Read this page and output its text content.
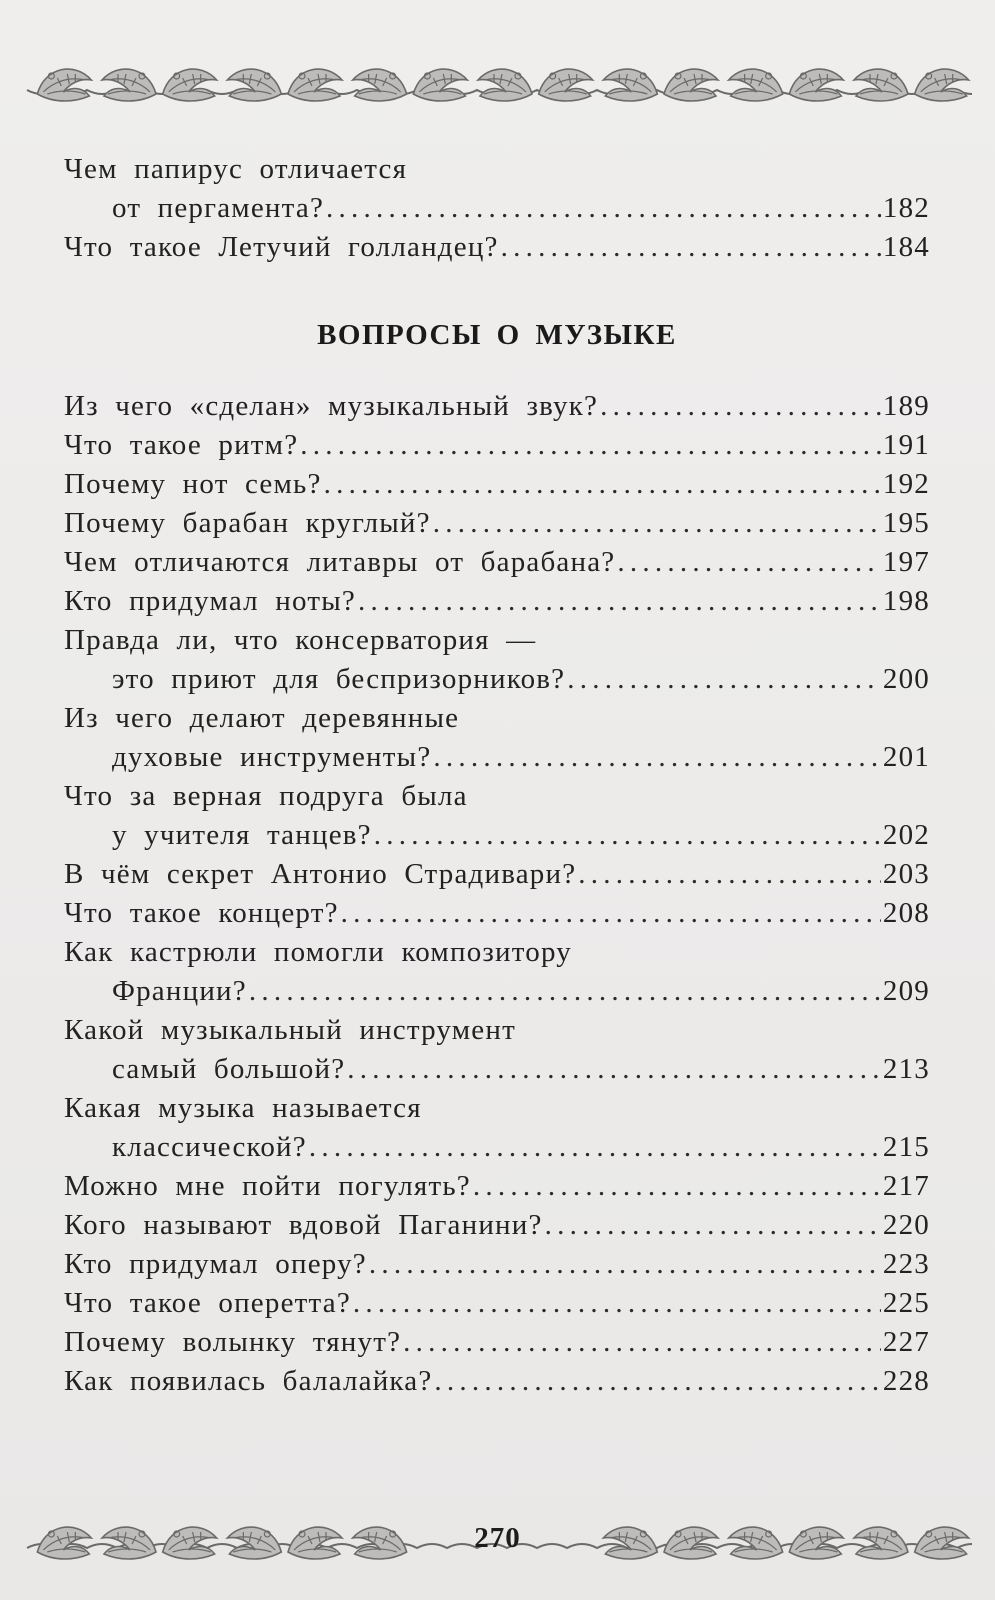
Чем папирус отличается
от пергамента? . . .	182
Что такое Летучий голландец? . . .	184
ВОПРОСЫ О МУЗЫКЕ
Из чего «сделан» музыкальный звук? . . .	189
Что такое ритм? . . .	191
Почему нот семь? . . .	192
Почему барабан круглый? . . .	195
Чем отличаются литавры от барабана? . . .	197
Кто придумал ноты? . . .	198
Правда ли, что консерватория —
это приют для беспризорников? . . .	200
Из чего делают деревянные
духовые инструменты? . . .	201
Что за верная подруга была
у учителя танцев? . . .	202
В чём секрет Антонио Страдивари? . . .	203
Что такое концерт? . . .	208
Как кастрюли помогли композитору
Франции? . . .	209
Какой музыкальный инструмент
самый большой? . . .	213
Какая музыка называется
классической? . . .	215
Можно мне пойти погулять? . . .	217
Кого называют вдовой Паганини? . . .	220
Кто придумал оперу? . . .	223
Что такое оперетта? . . .	225
Почему волынку тянут? . . .	227
Как появилась балалайка? . . .	228
270
